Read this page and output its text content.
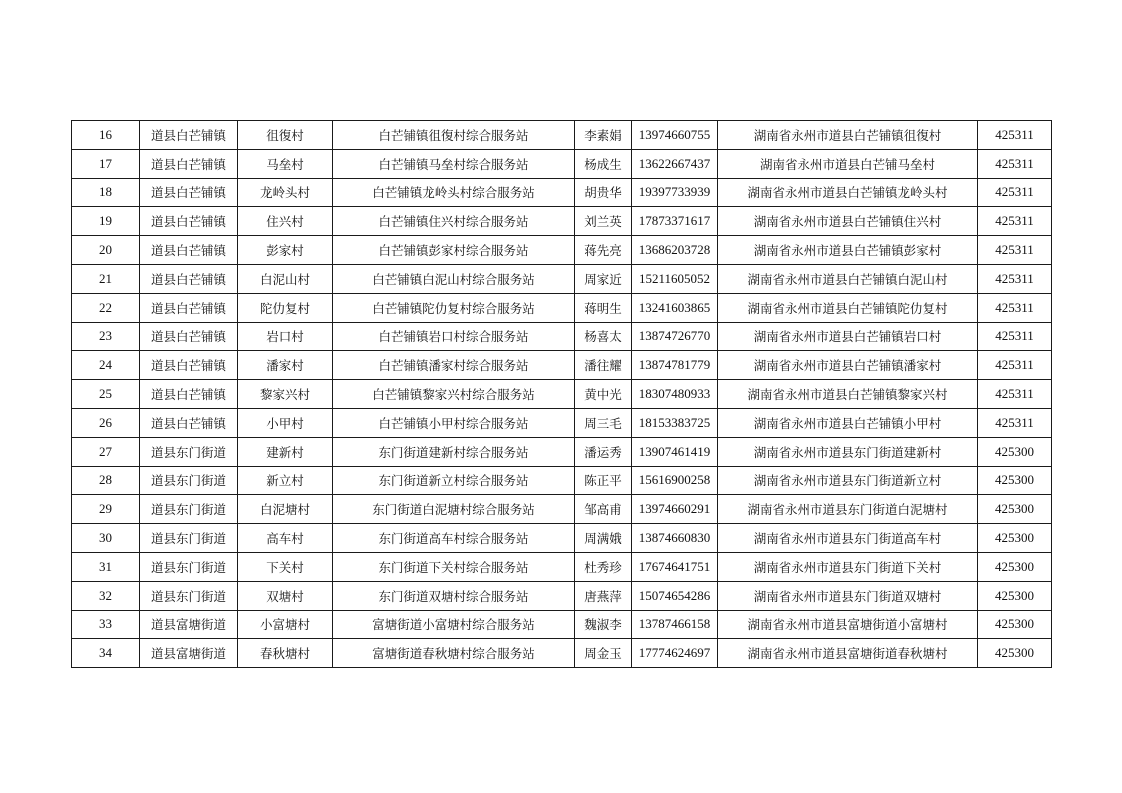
16	道县白芒铺镇	徂復村	白芒铺镇徂復村综合服务站	李素娟	13974660755	湖南省永州市道县白芒铺镇徂復村	425311
17	道县白芒铺镇	马垒村	白芒铺镇马垒村综合服务站	杨成生	13622667437	湖南省永州市道县白芒铺马垒村	425311
18	道县白芒铺镇	龙岭头村	白芒铺镇龙岭头村综合服务站	胡贵华	19397733939	湖南省永州市道县白芒铺镇龙岭头村	425311
19	道县白芒铺镇	住兴村	白芒铺镇住兴村综合服务站	刘兰英	17873371617	湖南省永州市道县白芒铺镇住兴村	425311
20	道县白芒铺镇	彭家村	白芒铺镇彭家村综合服务站	蒋先亮	13686203728	湖南省永州市道县白芒铺镇彭家村	425311
21	道县白芒铺镇	白泥山村	白芒铺镇白泥山村综合服务站	周家近	15211605052	湖南省永州市道县白芒铺镇白泥山村	425311
22	道县白芒铺镇	陀仂复村	白芒铺镇陀仂复村综合服务站	蒋明生	13241603865	湖南省永州市道县白芒铺镇陀仂复村	425311
23	道县白芒铺镇	岩口村	白芒铺镇岩口村综合服务站	杨喜太	13874726770	湖南省永州市道县白芒铺镇岩口村	425311
24	道县白芒铺镇	潘家村	白芒铺镇潘家村综合服务站	潘往耀	13874781779	湖南省永州市道县白芒铺镇潘家村	425311
25	道县白芒铺镇	黎家兴村	白芒铺镇黎家兴村综合服务站	黄中光	18307480933	湖南省永州市道县白芒铺镇黎家兴村	425311
26	道县白芒铺镇	小甲村	白芒铺镇小甲村综合服务站	周三毛	18153383725	湖南省永州市道县白芒铺镇小甲村	425311
27	道县东门街道	建新村	东门街道建新村综合服务站	潘运秀	13907461419	湖南省永州市道县东门街道建新村	425300
28	道县东门街道	新立村	东门街道新立村综合服务站	陈正平	15616900258	湖南省永州市道县东门街道新立村	425300
29	道县东门街道	白泥塘村	东门街道白泥塘村综合服务站	邹高甫	13974660291	湖南省永州市道县东门街道白泥塘村	425300
30	道县东门街道	高车村	东门街道高车村综合服务站	周满娥	13874660830	湖南省永州市道县东门街道高车村	425300
31	道县东门街道	下关村	东门街道下关村综合服务站	杜秀珍	17674641751	湖南省永州市道县东门街道下关村	425300
32	道县东门街道	双塘村	东门街道双塘村综合服务站	唐燕萍	15074654286	湖南省永州市道县东门街道双塘村	425300
33	道县富塘街道	小富塘村	富塘街道小富塘村综合服务站	魏淑李	13787466158	湖南省永州市道县富塘街道小富塘村	425300
34	道县富塘街道	春秋塘村	富塘街道春秋塘村综合服务站	周金玉	17774624697	湖南省永州市道县富塘街道春秋塘村	425300
